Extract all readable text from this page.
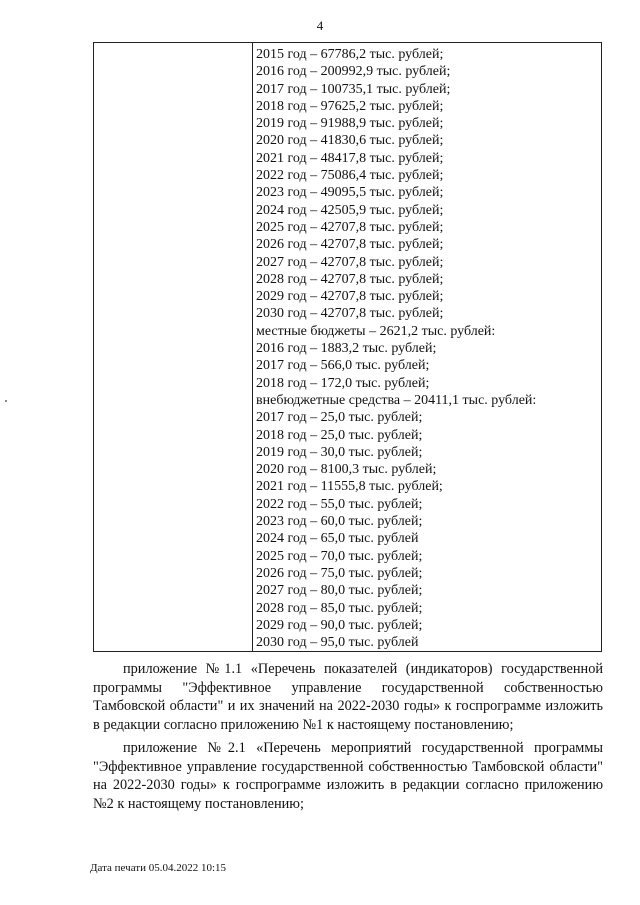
4
2015 год – 67786,2 тыс. рублей;
2016 год – 200992,9 тыс. рублей;
2017 год – 100735,1 тыс. рублей;
2018 год – 97625,2 тыс. рублей;
2019 год – 91988,9 тыс. рублей;
2020 год – 41830,6 тыс. рублей;
2021 год – 48417,8 тыс. рублей;
2022 год – 75086,4 тыс. рублей;
2023 год – 49095,5 тыс. рублей;
2024 год – 42505,9 тыс. рублей;
2025 год – 42707,8 тыс. рублей;
2026 год – 42707,8 тыс. рублей;
2027 год – 42707,8 тыс. рублей;
2028 год – 42707,8 тыс. рублей;
2029 год – 42707,8 тыс. рублей;
2030 год – 42707,8 тыс. рублей;
местные бюджеты – 2621,2 тыс. рублей:
2016 год – 1883,2 тыс. рублей;
2017 год – 566,0 тыс. рублей;
2018 год – 172,0 тыс. рублей;
внебюджетные средства – 20411,1 тыс. рублей:
2017 год – 25,0 тыс. рублей;
2018 год – 25,0 тыс. рублей;
2019 год – 30,0 тыс. рублей;
2020 год – 8100,3 тыс. рублей;
2021 год – 11555,8 тыс. рублей;
2022 год – 55,0 тыс. рублей;
2023 год – 60,0 тыс. рублей;
2024 год – 65,0 тыс. рублей
2025 год – 70,0 тыс. рублей;
2026 год – 75,0 тыс. рублей;
2027 год – 80,0 тыс. рублей;
2028 год – 85,0 тыс. рублей;
2029 год – 90,0 тыс. рублей;
2030 год – 95,0 тыс. рублей

приложение №1.1 «Перечень показателей (индикаторов) государственной программы "Эффективное управление государственной собственностью Тамбовской области" и их значений на 2022-2030 годы» к госпрограмме изложить в редакции согласно приложению №1 к настоящему постановлению;

приложение №2.1 «Перечень мероприятий государственной программы "Эффективное управление государственной собственностью Тамбовской области" на 2022-2030 годы» к госпрограмме изложить в редакции согласно приложению №2 к настоящему постановлению;

Дата печати 05.04.2022 10:15
